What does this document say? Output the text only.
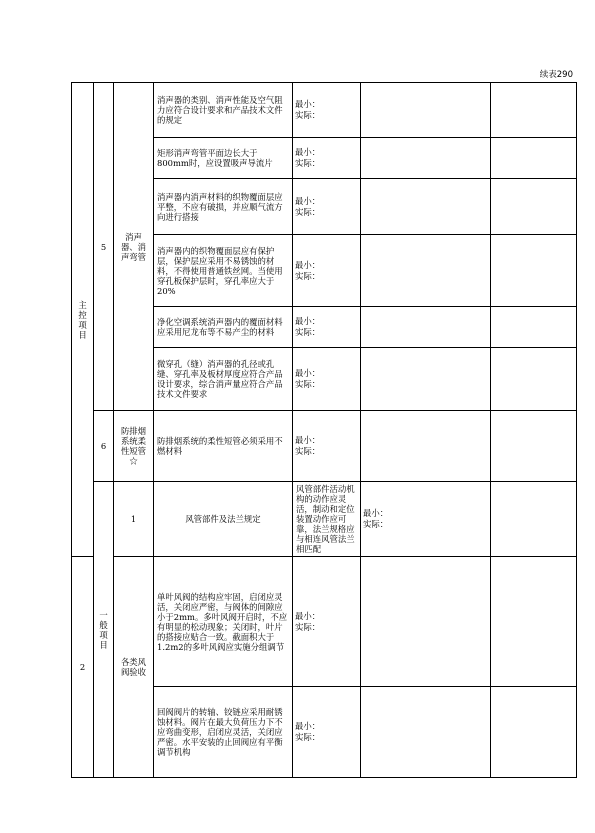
续表290
主控项目	5	消声器、消声弯管	消声器的类别、消声性能及空气阻力应符合设计要求和产品技术文件的规定	最小：
实际：			

			矩形消声弯管平面边长大于800mm时，应设置吸声导流片	最小：
实际：			

			消声器内消声材料的织物覆面层应平整，不应有破损，并应顺气流方向进行搭接	最小：
实际：			

			消声器内的织物覆面层应有保护层，保护层应采用不易锈蚀的材料，不得使用普通铁丝网。当使用穿孔板保护层时，穿孔率应大于20%	最小：
实际：			

			净化空调系统消声器内的覆面材料应采用尼龙布等不易产尘的材料	最小：
实际：			

			微穿孔（缝）消声器的孔径或孔缝、穿孔率及板材厚度应符合产品设计要求，综合消声量应符合产品技术文件要求	最小：
实际：			

	6	防排烟系统柔性短管☆	防排烟系统的柔性短管必须采用不燃材料	最小：
实际：			

	一般项目	1	风管部件及法兰规定	风管部件活动机构的动作应灵活，制动和定位装置动作应可靠，法兰规格应与相连风管法兰相匹配	最小：
实际：		

2		各类风阀验收	单叶风阀的结构应牢固，启闭应灵活，关闭应严密，与阀体的间隙应小于2mm。多叶风阀开启时，不应有明显的松动现象；关闭时，叶片的搭接应贴合一致。截面积大于1.2m2的多叶风阀应实施分组调节	最小：
实际：			

			回阀阀片的转轴、铰链应采用耐锈蚀材料。阀片在最大负荷压力下不应弯曲变形，启闭应灵活，关闭应严密。水平安装的止回阀应有平衡调节机构	最小：
实际：			
